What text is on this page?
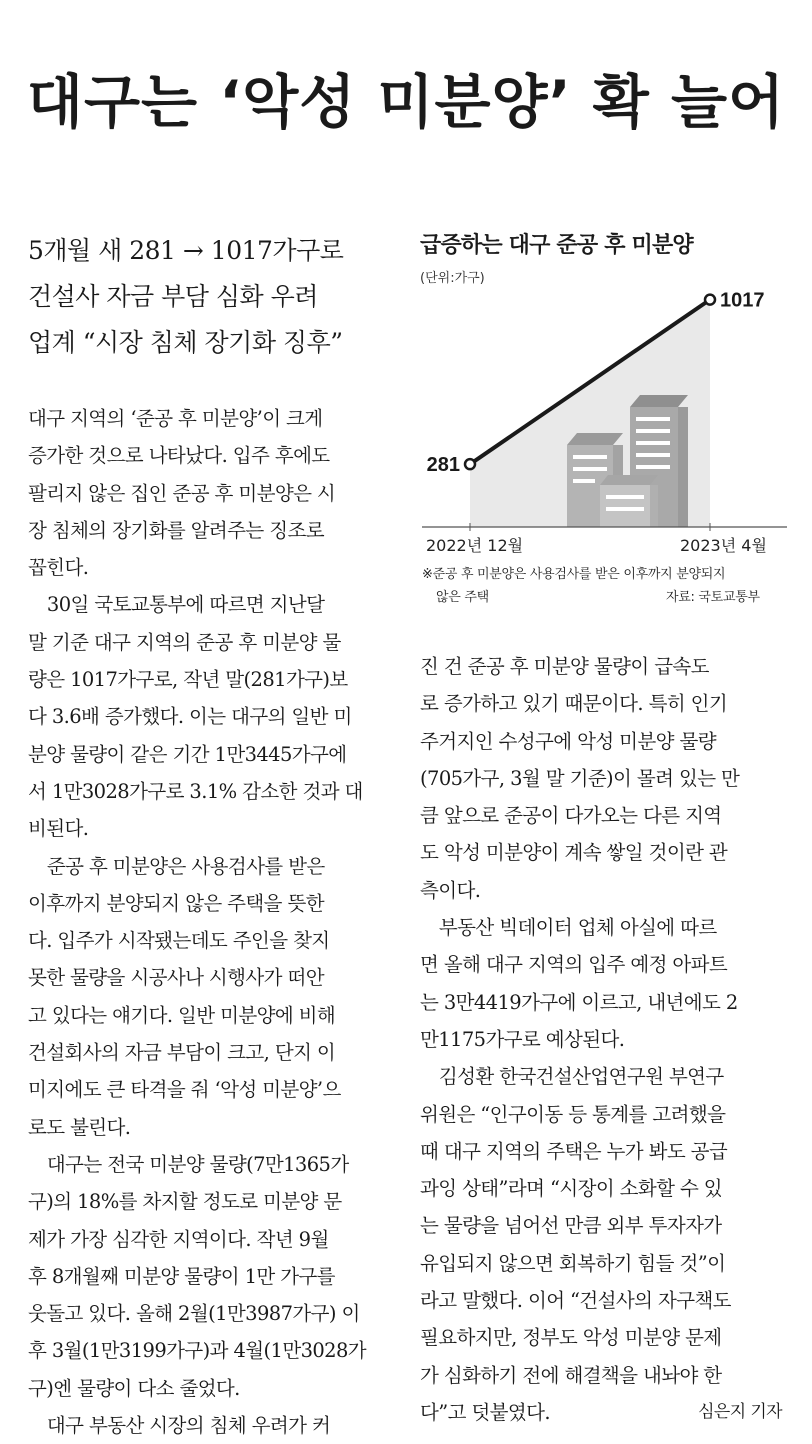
대구는 ‘악성 미분양’ 확 늘어
5개월 새 281 → 1017가구로
건설사 자금 부담 심화 우려
업계 “시장 침체 장기화 징후”
급증하는 대구 준공 후 미분양
(단위:가구)
281
1017
2022년 12월	2023년 4월
※준공 후 미분양은 사용검사를 받은 이후까지 분양되지
않은 주택	자료: 국토교통부
대구 지역의 ‘준공 후 미분양’이 크게
증가한 것으로 나타났다. 입주 후에도
팔리지 않은 집인 준공 후 미분양은 시
장 침체의 장기화를 알려주는 징조로
꼽힌다.
　30일 국토교통부에 따르면 지난달
말 기준 대구 지역의 준공 후 미분양 물
량은 1017가구로, 작년 말(281가구)보
다 3.6배 증가했다. 이는 대구의 일반 미
분양 물량이 같은 기간 1만3445가구에
서 1만3028가구로 3.1% 감소한 것과 대
비된다.
　준공 후 미분양은 사용검사를 받은
이후까지 분양되지 않은 주택을 뜻한
다. 입주가 시작됐는데도 주인을 찾지
못한 물량을 시공사나 시행사가 떠안
고 있다는 얘기다. 일반 미분양에 비해
건설회사의 자금 부담이 크고, 단지 이
미지에도 큰 타격을 줘 ‘악성 미분양’으
로도 불린다.
　대구는 전국 미분양 물량(7만1365가
구)의 18%를 차지할 정도로 미분양 문
제가 가장 심각한 지역이다. 작년 9월
후 8개월째 미분양 물량이 1만 가구를
웃돌고 있다. 올해 2월(1만3987가구) 이
후 3월(1만3199가구)과 4월(1만3028가
구)엔 물량이 다소 줄었다.
　대구 부동산 시장의 침체 우려가 커
진 건 준공 후 미분양 물량이 급속도
로 증가하고 있기 때문이다. 특히 인기
주거지인 수성구에 악성 미분양 물량
(705가구, 3월 말 기준)이 몰려 있는 만
큼 앞으로 준공이 다가오는 다른 지역
도 악성 미분양이 계속 쌓일 것이란 관
측이다.
　부동산 빅데이터 업체 아실에 따르
면 올해 대구 지역의 입주 예정 아파트
는 3만4419가구에 이르고, 내년에도 2
만1175가구로 예상된다.
　김성환 한국건설산업연구원 부연구
위원은 “인구이동 등 통계를 고려했을
때 대구 지역의 주택은 누가 봐도 공급
과잉 상태”라며 “시장이 소화할 수 있
는 물량을 넘어선 만큼 외부 투자자가
유입되지 않으면 회복하기 힘들 것”이
라고 말했다. 이어 “건설사의 자구책도
필요하지만, 정부도 악성 미분양 문제
가 심화하기 전에 해결책을 내놔야 한
다”고 덧붙였다.	심은지 기자
